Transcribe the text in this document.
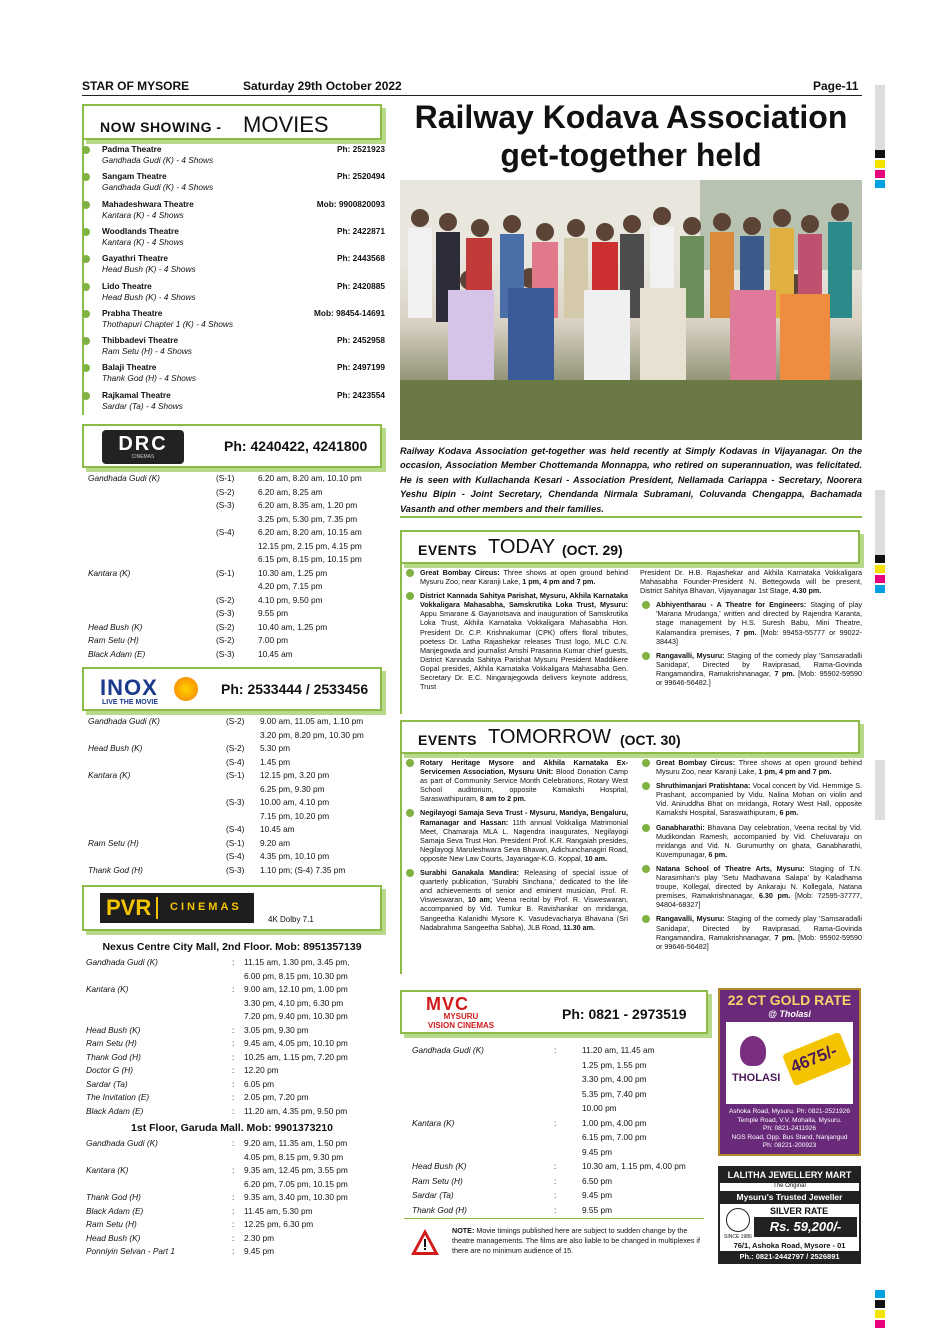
STAR OF MYSORE	Saturday 29th October 2022	Page-11
NOW SHOWING - MOVIES
Padma Theatre	Ph: 2521923
Gandhada Gudi (K) - 4 Shows
Sangam Theatre	Ph: 2520494
Gandhada Gudi (K) - 4 Shows
Mahadeshwara Theatre	Mob: 9900820093
Kantara (K) - 4 Shows
Woodlands Theatre	Ph: 2422871
Kantara (K) - 4 Shows
Gayathri Theatre	Ph: 2443568
Head Bush (K) - 4 Shows
Lido Theatre	Ph: 2420885
Head Bush (K) - 4 Shows
Prabha Theatre	Mob: 98454-14691
Thothapuri Chapter 1 (K) - 4 Shows
Thibbadevi Theatre	Ph: 2452958
Ram Setu (H) - 4 Shows
Balaji Theatre	Ph: 2497199
Thank God (H) - 4 Shows
Rajkamal Theatre	Ph: 2423554
Sardar (Ta) - 4 Shows
DRC
CINEMAS
Ph: 4240422, 4241800
Gandhada Gudi (K)	(S-1)	6.20 am, 8.20 am, 10.10 pm
(S-2)	6.20 am, 8.25 am
(S-3)	6.20 am, 8.35 am, 1.20 pm
3.25 pm, 5.30 pm, 7.35 pm
(S-4)	6.20 am, 8.20 am, 10.15 am
12.15 pm, 2.15 pm, 4.15 pm
6.15 pm, 8.15 pm, 10.15 pm
Kantara (K)	(S-1)	10.30 am, 1.25 pm
4.20 pm, 7.15 pm
(S-2)	4.10 pm, 9.50 pm
(S-3)	9.55 pm
Head Bush (K)	(S-2)	10.40 am, 1.25 pm
Ram Setu (H)	(S-2)	7.00 pm
Black Adam (E)	(S-3)	10.45 am
INOX
LIVE THE MOVIE
Ph: 2533444 / 2533456
Gandhada Gudi (K)	(S-2) 9.00 am, 11.05 am, 1.10 pm
3.20 pm, 8.20 pm, 10.30 pm
Head Bush (K)	(S-2) 5.30 pm
(S-4) 1.45 pm
Kantara (K)	(S-1) 12.15 pm, 3.20 pm
6.25 pm, 9.30 pm
(S-3) 10.00 am, 4.10 pm
7.15 pm, 10.20 pm
(S-4) 10.45 am
Ram Setu (H)	(S-1) 9.20 am
(S-4) 4.35 pm, 10.10 pm
Thank God (H)	(S-3) 1.10 pm; (S-4) 7.35 pm
PVR CINEMAS
4K Dolby 7.1
Nexus Centre City Mall, 2nd Floor. Mob: 8951357139
Gandhada Gudi (K)	: 11.15 am, 1.30 pm, 3.45 pm,
6.00 pm, 8.15 pm, 10.30 pm
Kantara (K)	: 9.00 am, 12.10 pm, 1.00 pm
3.30 pm, 4.10 pm, 6.30 pm
7.20 pm, 9.40 pm, 10.30 pm
Head Bush (K)	: 3.05 pm, 9.30 pm
Ram Setu (H)	: 9.45 am, 4.05 pm, 10.10 pm
Thank God (H)	: 10.25 am, 1.15 pm, 7.20 pm
Doctor G (H)	: 12.20 pm
Sardar (Ta)	: 6.05 pm
The Invitation (E)	: 2.05 pm, 7.20 pm
Black Adam (E)	: 11.20 am, 4.35 pm, 9.50 pm
1st Floor, Garuda Mall. Mob: 9901373210
Gandhada Gudi (K)	: 9.20 am, 11.35 am, 1.50 pm
4.05 pm, 8.15 pm, 9.30 pm
Kantara (K)	: 9.35 am, 12.45 pm, 3.55 pm
6.20 pm, 7.05 pm, 10.15 pm
Thank God (H)	: 9.35 am, 3.40 pm, 10.30 pm
Black Adam (E)	: 11.45 am, 5.30 pm
Ram Setu (H)	: 12.25 pm, 6.30 pm
Head Bush (K)	: 2.30 pm
Ponniyin Selvan - Part 1	: 9.45 pm
Railway Kodava Association
get-together held
Railway Kodava Association get-together was held recently at Simply Kodavas in Vijayanagar. On the occasion, Association Member Chottemanda Monnappa, who retired on superannuation, was felicitated. He is seen with Kullachanda Kesari - Association President, Nellamada Cariappa - Secretary, Noorera Yeshu Bipin - Joint Secretary, Chendanda Nirmala Subramani, Coluvanda Chengappa, Bachamada Vasanth and other members and their families.
EVENTS TODAY (OCT. 29)
Great Bombay Circus: Three shows at open ground behind Mysuru Zoo, near Karanji Lake, 1 pm, 4 pm and 7 pm.
District Kannada Sahitya Parishat, Mysuru, Akhila Karnataka Vokkaligara Mahasabha, Samskrutika Loka Trust, Mysuru: Appu Smarane & Gayanotsava and inauguration of Samskrutika Loka Trust, Akhila Karnataka Vokkaligara Mahasabha Hon. President Dr. C.P. Krishnakumar (CPK) offers floral tributes, poetess Dr. Latha Rajashekar releases Trust logo, MLC C.N. Manjegowda and journalist Amshi Prasanna Kumar chief guests, District Kannada Sahitya Parishat Mysuru President Maddikere Gopal presides, Akhila Karnataka Vokkaligara Mahasabha Gen. Secretary Dr. E.C. Ningarajegowda delivers keynote address, Trust
President Dr. H.B. Rajashekar and Akhila Karnataka Vokkaligara Mahasabha Founder-President N. Bettegowda will be present, District Sahitya Bhavan, Vijayanagar 1st Stage, 4.30 pm.
Abhiyentharau - A Theatre for Engineers: Staging of play 'Marana Mrudanga,' written and directed by Rajendra Karanta, stage management by H.S. Suresh Babu, Mini Theatre, Kalamandira premises, 7 pm. [Mob: 99453-55777 or 99022-38443]
Rangavalli, Mysuru: Staging of the comedy play 'Samsaradalli Sanidapa', Directed by Raviprasad, Rama-Govinda Rangamandira, Ramakrishnanagar, 7 pm. [Mob: 95902-59590 or 99646-56482.]
EVENTS TOMORROW (OCT. 30)
Rotary Heritage Mysore and Akhila Karnataka Ex-Servicemen Association, Mysuru Unit: Blood Donation Camp as part of Community Service Month Celebrations, Rotary West School auditorium, opposite Kamakshi Hospital, Saraswathipuram, 8 am to 2 pm.
Negilayogi Samaja Seva Trust - Mysuru, Mandya, Bengaluru, Ramanagar and Hassan: 11th annual Vokkaliga Matrimonial Meet, Chamaraja MLA L. Nagendra inaugurates, Negilayogi Samaja Seva Trust Hon. President Prof. K.R. Rangaiah presides, Negilayogi Maruleshwara Seva Bhavan, Adichunchanagiri Road, opposite New Law Courts, Jayanagar-K.G. Koppal, 10 am.
Surabhi Ganakala Mandira: Releasing of special issue of quarterly publication, 'Surabhi Sinchana,' dedicated to the life and achievements of senior and eminent musician, Prof. R. Visweswaran, 10 am; Veena recital by Prof. R. Visweswaran, accompanied by Vid. Tumkur B. Ravishankar on mridanga, Sangeetha Kalanidhi Mysore K. Vasudevacharya Bhavana (Sri Nadabrahma Sangeetha Sabha), JLB Road, 11.30 am.
Great Bombay Circus: Three shows at open ground behind Mysuru Zoo, near Karanji Lake, 1 pm, 4 pm and 7 pm.
Shruthimanjari Pratishtana: Vocal concert by Vid. Hemmige S. Prashant, accompanied by Vidu. Nalina Mohan on violin and Vid. Aniruddha Bhat on mridanga, Rotary West Hall, opposite Kamakshi Hospital, Saraswathipuram, 6 pm.
Ganabharathi: Bhavana Day celebration, Veena recital by Vid. Mudikondan Ramesh, accompanied by Vid. Cheluvaraju on mridanga and Vid. N. Gurumurthy on ghata, Ganabharathi, Kuvempunagar, 6 pm.
Natana School of Theatre Arts, Mysuru: Staging of T.N. Narasimhan's play 'Setu Madhavana Salapa' by Kaladhama troupe, Kollegal, directed by Ankaraju N. Kollegala, Natana premises, Ramakrishnanagar, 6.30 pm. [Mob: 72595-37777, 94804-68327]
Rangavalli, Mysuru: Staging of the comedy play 'Samsaradalli Sanidapa', Directed by Raviprasad, Rama-Govinda Rangamandira, Ramakrishnanagar, 7 pm. [Mob: 95902-59590 or 99646-56482]
MVC
MYSURU
VISION CINEMAS
Ph: 0821 - 2973519
Gandhada Gudi (K)	:	11.20 am, 11.45 am
1.25 pm, 1.55 pm
3.30 pm, 4.00 pm
5.35 pm, 7.40 pm
10.00 pm
Kantara (K)	:	1.00 pm, 4.00 pm
6.15 pm, 7.00 pm
9.45 pm
Head Bush (K)	:	10.30 am, 1.15 pm, 4.00 pm
Ram Setu (H)	:	6.50 pm
Sardar (Ta)	:	9.45 pm
Thank God (H)	:	9.55 pm
NOTE: Movie timings published here are subject to sudden change by the theatre managements. The films are also liable to be changed in multiplexes if there are no minimum audience of 15.
22 CT GOLD RATE
@ Tholasi
THOLASI
4675/-
Ashoka Road, Mysuru. Ph: 0821-2521926
Temple Road, V.V. Mohalla, Mysuru.
Ph: 0821-2411926
NGS Road, Opp. Bus Stand, Nanjangud
Ph: 08221-200923
LALITHA JEWELLERY MART
The Original
Mysuru's Trusted Jeweller
SINCE 1986
SILVER RATE
Rs. 59,200/-
76/1, Ashoka Road, Mysore - 01
Ph.: 0821-2442797 / 2526891
